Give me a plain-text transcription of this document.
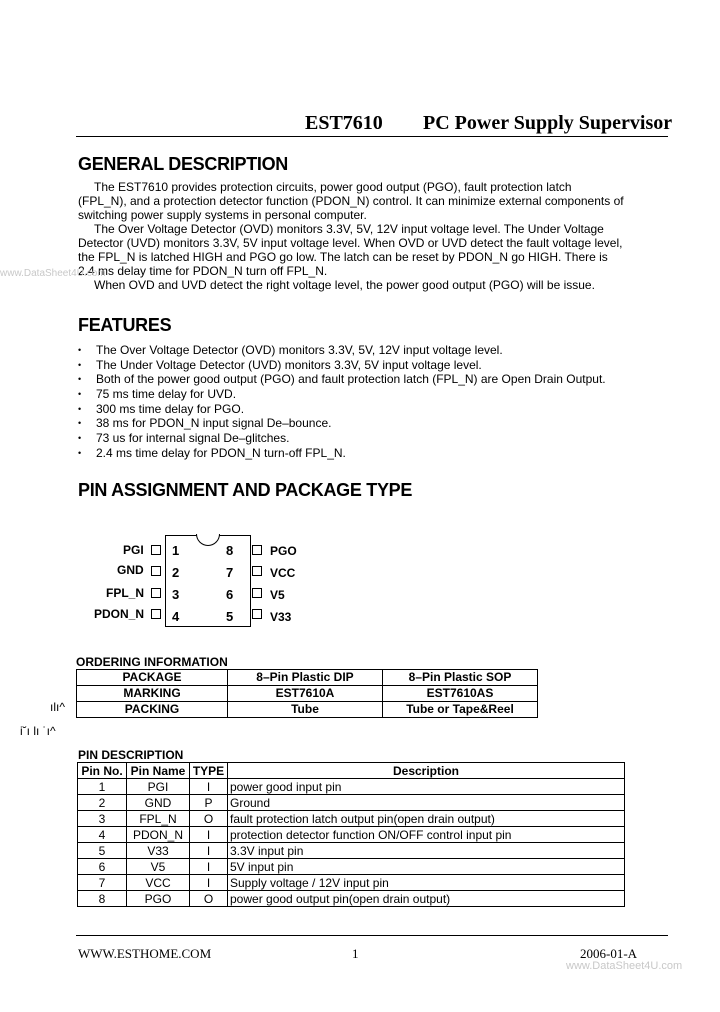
EST7610 PC Power Supply Supervisor
GENERAL DESCRIPTION

The EST7610 provides protection circuits, power good output (PGO), fault protection latch
(FPL_N), and a protection detector function (PDON_N) control. It can minimize external components of
switching power supply systems in personal computer.

The Over Voltage Detector (OVD) monitors 3.3V, 5V, 12V input voltage level. The Under Voltage
Detector (UVD) monitors 3.3V, 5V input voltage level. When OVD or UVD detect the fault voltage level,
the FPL_N is latched HIGH and PGO go low. The latch can be reset by PDON_N go HIGH. There is
2.4 ms delay time for PDON_N turn off FPL_N.

When OVD and UVD detect the right voltage level, the power good output (PGO) will be issue.

www.DataSheet4U.com
FEATURES
• The Over Voltage Detector (OVD) monitors 3.3V, 5V, 12V input voltage level.
• The Under Voltage Detector (UVD) monitors 3.3V, 5V input voltage level.
• Both of the power good output (PGO) and fault protection latch (FPL_N) are Open Drain Output.
• 75 ms time delay for UVD.
• 300 ms time delay for PGO.
• 38 ms for PDON_N input signal De–bounce.
• 73 us for internal signal De–glitches.
• 2.4 ms time delay for PDON_N turn-off FPL_N.
PIN ASSIGNMENT AND PACKAGE TYPE
PGI
GND
FPL_N
PDON_N
1
2
3
4
8
7
6
5
PGO
VCC
V5
V33
ORDERING INFORMATION
PACKAGE	8–Pin Plastic DIP	8–Pin Plastic SOP
MARKING	EST7610A	EST7610AS
PACKING	Tube	Tube or Tape&Reel
ılı^
i˘ı lı ˙ı^
PIN DESCRIPTION
Pin No.	Pin Name	TYPE	Description
1	PGI	I	power good input pin
2	GND	P	Ground
3	FPL_N	O	fault protection latch output pin(open drain output)
4	PDON_N	I	protection detector function ON/OFF control input pin
5	V33	I	3.3V input pin
6	V5	I	5V input pin
7	VCC	I	Supply voltage / 12V input pin
8	PGO	O	power good output pin(open drain output)
WWW.ESTHOME.COM	1	2006-01-A
www.DataSheet4U.com
